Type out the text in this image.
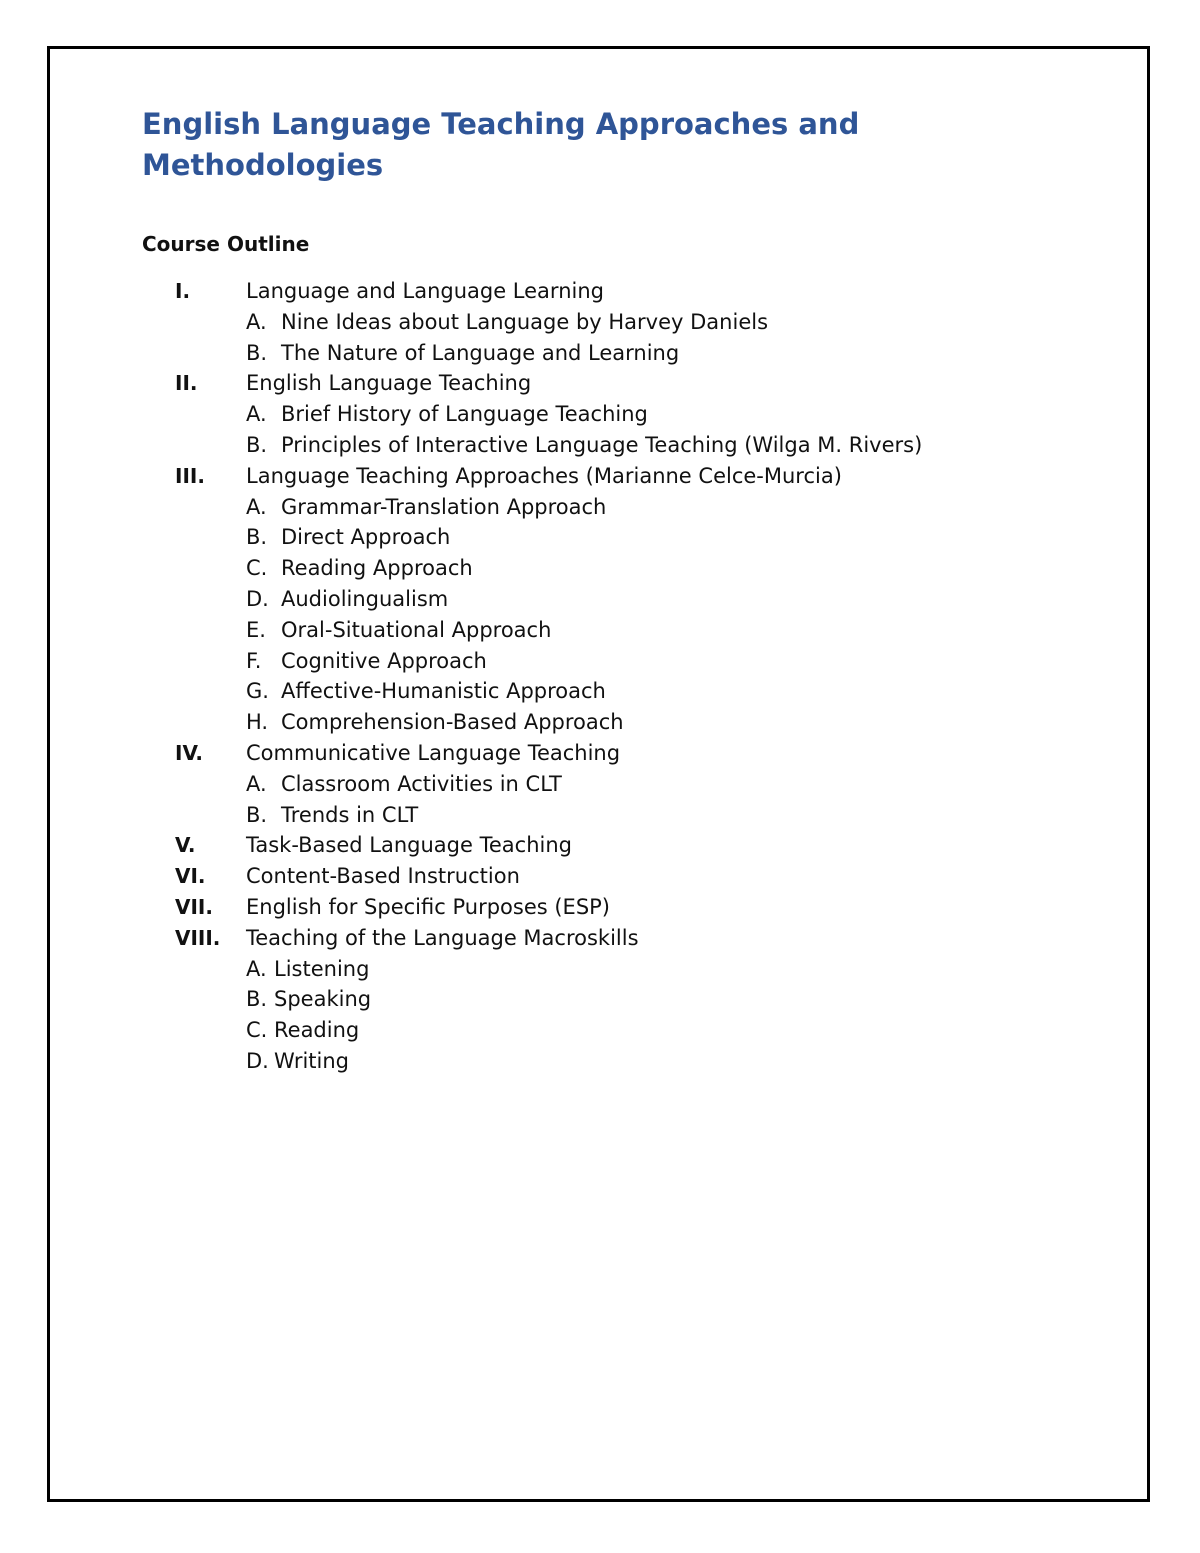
English Language Teaching Approaches and Methodologies
Course Outline
I.	Language and Language Learning
A. Nine Ideas about Language by Harvey Daniels
B. The Nature of Language and Learning
II. English Language Teaching
A. Brief History of Language Teaching
B. Principles of Interactive Language Teaching (Wilga M. Rivers)
III. Language Teaching Approaches (Marianne Celce-Murcia)
A. Grammar-Translation Approach
B. Direct Approach
C. Reading Approach
D. Audiolingualism
E. Oral-Situational Approach
F. Cognitive Approach
G. Affective-Humanistic Approach
H. Comprehension-Based Approach
IV. Communicative Language Teaching
A. Classroom Activities in CLT
B. Trends in CLT
V. Task-Based Language Teaching
VI. Content-Based Instruction
VII. English for Specific Purposes (ESP)
VIII. Teaching of the Language Macroskills
A. Listening
B. Speaking
C. Reading
D. Writing
